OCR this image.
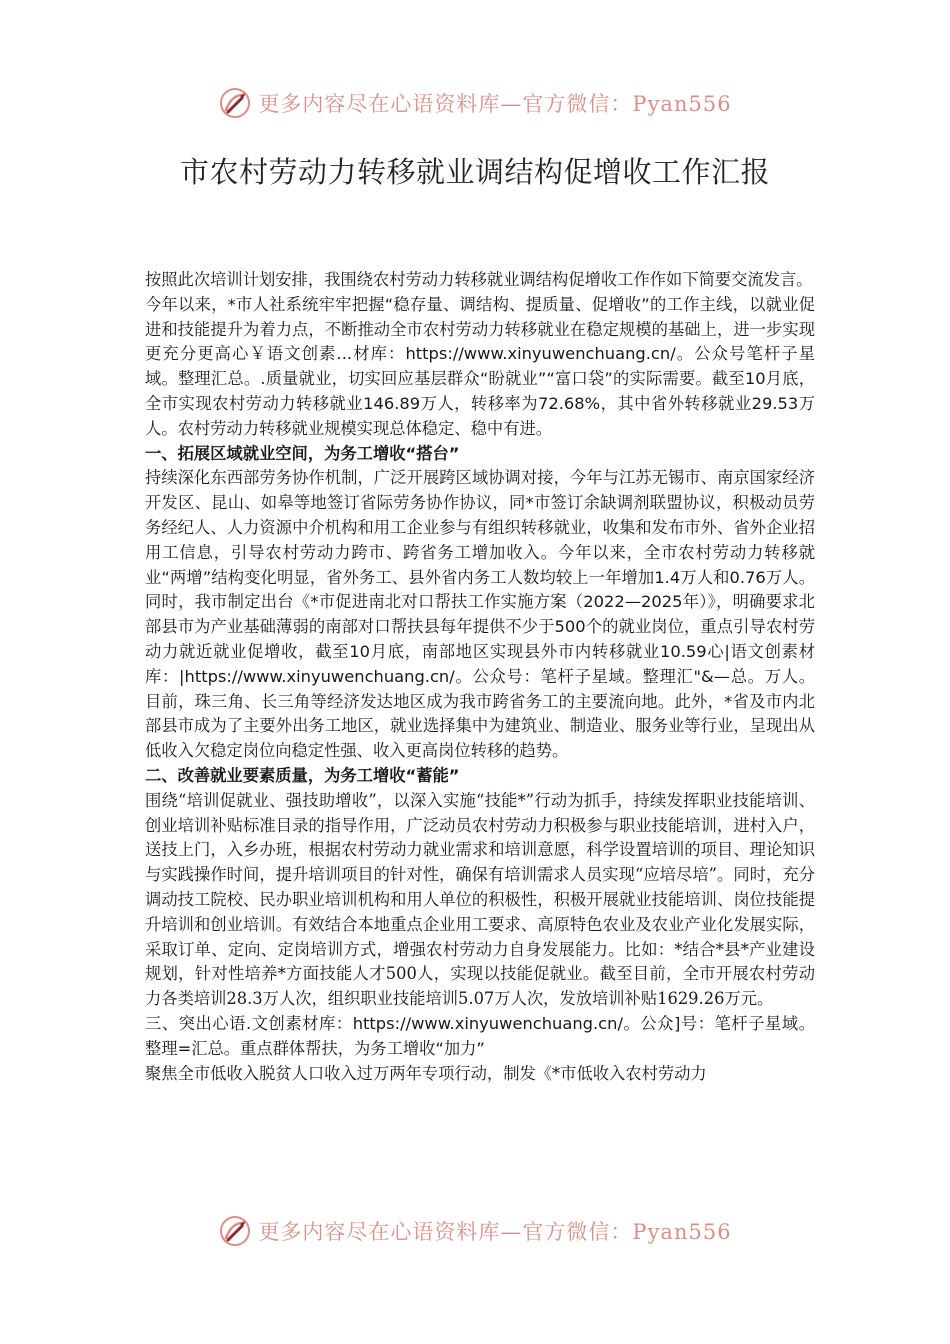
更多内容尽在心语资料库—官方微信：Pyan556
市农村劳动力转移就业调结构促增收工作汇报

按照此次培训计划安排，我围绕农村劳动力转移就业调结构促增收工作作如下简要交流发言。

今年以来，*市人社系统牢牢把握“稳存量、调结构、提质量、促增收”的工作主线，以就业促进和技能提升为着力点，不断推动全市农村劳动力转移就业在稳定规模的基础上，进一步实现更充分更高心￥语文创素...材库：https://www.xinyuwenchuang.cn/。公众号笔杆子星域。整理汇总。.质量就业，切实回应基层群众“盼就业”“富口袋”的实际需要。截至10月底，全市实现农村劳动力转移就业146.89万人，转移率为72.68%，其中省外转移就业29.53万人。农村劳动力转移就业规模实现总体稳定、稳中有进。

一、拓展区域就业空间，为务工增收“搭台”

持续深化东西部劳务协作机制，广泛开展跨区域协调对接，今年与江苏无锡市、南京国家经济开发区、昆山、如皋等地签订省际劳务协作协议，同*市签订余缺调剂联盟协议，积极动员劳务经纪人、人力资源中介机构和用工企业参与有组织转移就业，收集和发布市外、省外企业招用工信息，引导农村劳动力跨市、跨省务工增加收入。今年以来，全市农村劳动力转移就业“两增”结构变化明显，省外务工、县外省内务工人数均较上一年增加1.4万人和0.76万人。同时，我市制定出台《*市促进南北对口帮扶工作实施方案（2022—2025年）》，明确要求北部县市为产业基础薄弱的南部对口帮扶县每年提供不少于500个的就业岗位，重点引导农村劳动力就近就业促增收，截至10月底，南部地区实现县外市内转移就业10.59心|语文创素材库：|https://www.xinyuwenchuang.cn/。公众号：笔杆子星域。整理汇"&—总。万人。目前，珠三角、长三角等经济发达地区成为我市跨省务工的主要流向地。此外，*省及市内北部县市成为了主要外出务工地区，就业选择集中为建筑业、制造业、服务业等行业，呈现出从低收入欠稳定岗位向稳定性强、收入更高岗位转移的趋势。

二、改善就业要素质量，为务工增收“蓄能”

围绕“培训促就业、强技助增收”，以深入实施“技能*”行动为抓手，持续发挥职业技能培训、创业培训补贴标准目录的指导作用，广泛动员农村劳动力积极参与职业技能培训，进村入户，送技上门，入乡办班，根据农村劳动力就业需求和培训意愿，科学设置培训的项目、理论知识与实践操作时间，提升培训项目的针对性，确保有培训需求人员实现“应培尽培”。同时，充分调动技工院校、民办职业培训机构和用人单位的积极性，积极开展就业技能培训、岗位技能提升培训和创业培训。有效结合本地重点企业用工要求、高原特色农业及农业产业化发展实际，采取订单、定向、定岗培训方式，增强农村劳动力自身发展能力。比如：*结合*县*产业建设规划，针对性培养*方面技能人才500人，实现以技能促就业。截至目前，全市开展农村劳动力各类培训28.3万人次，组织职业技能培训5.07万人次，发放培训补贴1629.26万元。

三、突出心语.文创素材库：https://www.xinyuwenchuang.cn/。公众]号：笔杆子星域。整理=汇总。重点群体帮扶，为务工增收“加力”

聚焦全市低收入脱贫人口收入过万两年专项行动，制发《*市低收入农村劳动力

更多内容尽在心语资料库—官方微信：Pyan556
